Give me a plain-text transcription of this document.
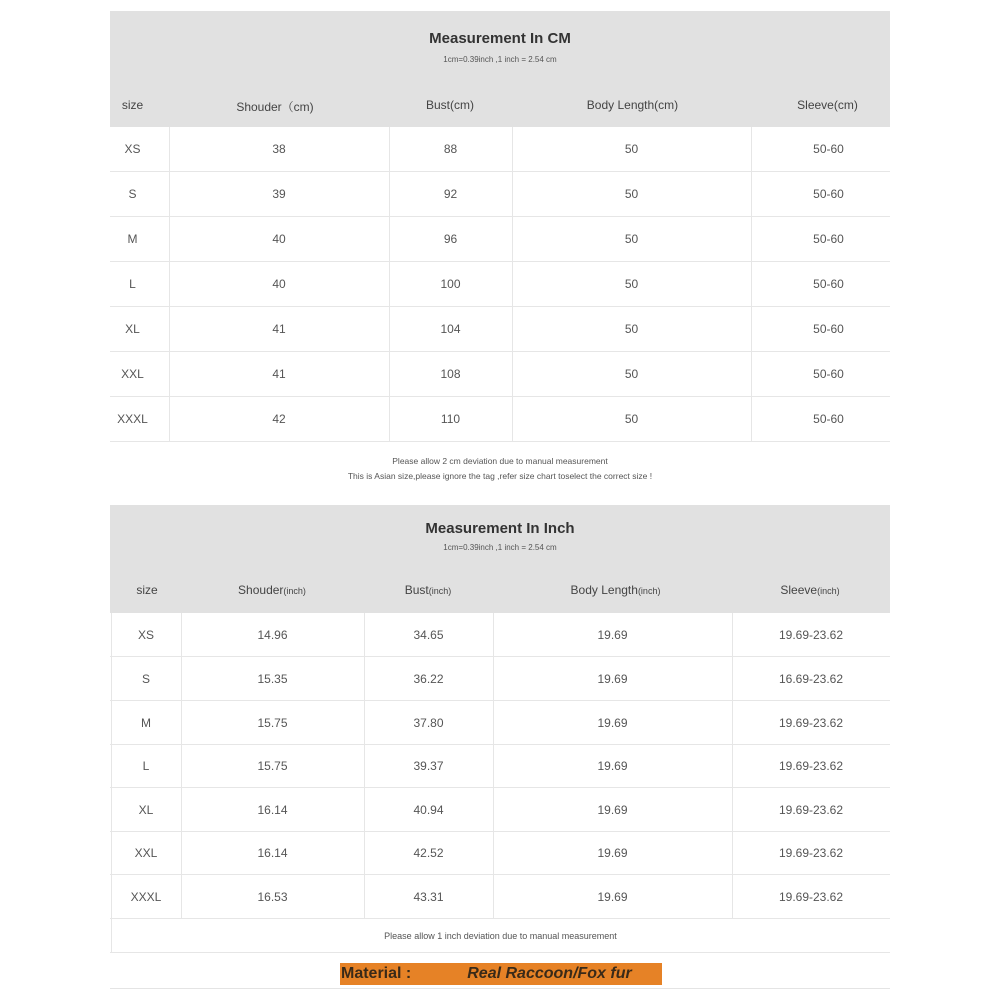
Measurement In CM
1cm=0.39inch ,1 inch = 2.54 cm
size	Shouder（cm)	Bust(cm)	Body Length(cm)	Sleeve(cm)
XS	38	88	50	50-60
S	39	92	50	50-60
M	40	96	50	50-60
L	40	100	50	50-60
XL	41	104	50	50-60
XXL	41	108	50	50-60
XXXL	42	110	50	50-60
Please allow 2 cm deviation due to manual measurement
This is Asian size,please ignore the tag ,refer size chart toselect the correct size !
Measurement In Inch
1cm=0.39inch ,1 inch = 2.54 cm
size	Shouder(inch)	Bust(inch)	Body Length(inch)	Sleeve(inch)
XS	14.96	34.65	19.69	19.69-23.62
S	15.35	36.22	19.69	16.69-23.62
M	15.75	37.80	19.69	19.69-23.62
L	15.75	39.37	19.69	19.69-23.62
XL	16.14	40.94	19.69	19.69-23.62
XXL	16.14	42.52	19.69	19.69-23.62
XXXL	16.53	43.31	19.69	19.69-23.62
Please allow 1 inch deviation due to manual measurement
Material :	Real Raccoon/Fox fur
